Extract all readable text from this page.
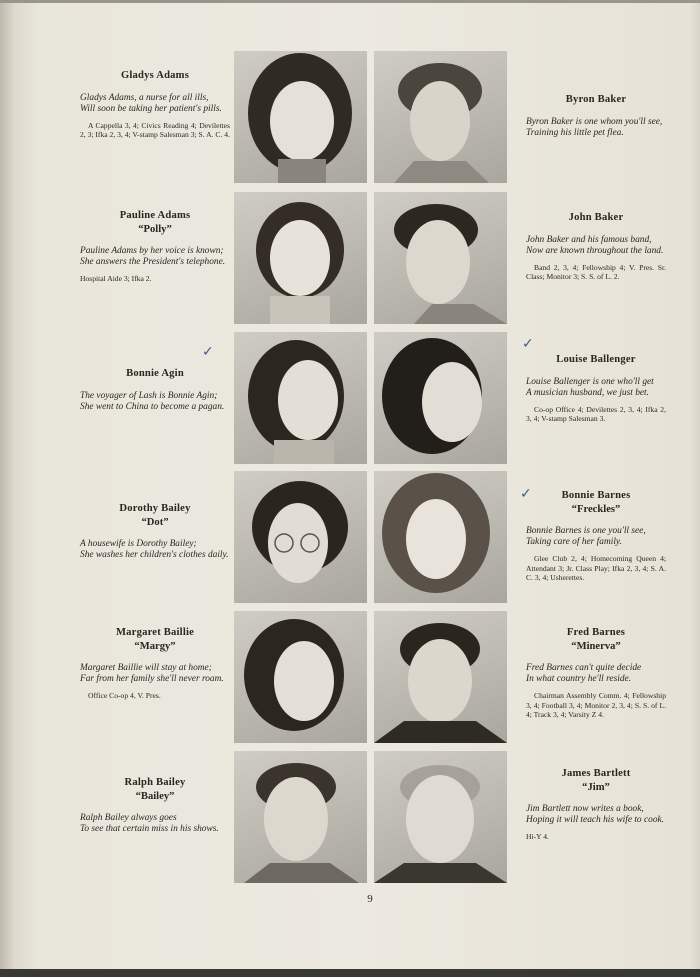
Gladys Adams
Gladys Adams, a nurse for all ills,
Will soon be taking her patient's pills.
A Cappella 3, 4; Civics Reading 4; Devilettes 2, 3; Ifka 2, 3, 4; V-stamp Salesman 3; S. A. C. 4.
Byron Baker
Byron Baker is one whom you'll see,
Training his little pet flea.
Pauline Adams
“Polly”
Pauline Adams by her voice is known;
She answers the President's telephone.
Hospital Aide 3; Ifka 2.
John Baker
John Baker and his famous band,
Now are known throughout the land.
Band 2, 3, 4; Fellowship 4; V. Pres. Sr. Class; Monitor 3; S. S. of L. 2.
✓
Bonnie Agin
The voyager of Lash is Bonnie Agin;
She went to China to become a pagan.
✓
Louise Ballenger
Louise Ballenger is one who'll get
A musician husband, we just bet.
Co-op Office 4; Devilettes 2, 3, 4; Ifka 2, 3, 4; V-stamp Salesman 3.
Dorothy Bailey
“Dot”
A housewife is Dorothy Bailey;
She washes her children's clothes daily.
✓	Bonnie Barnes
“Freckles”
Bonnie Barnes is one you'll see,
Taking care of her family.
Glee Club 2, 4; Homecoming Queen 4; Attendant 3; Jr. Class Play; Ifka 2, 3, 4; S. A. C. 3, 4; Usherettes.
Margaret Baillie
“Margy”
Margaret Baillie will stay at home;
Far from her family she'll never roam.
Office Co-op 4, V. Pres.
Fred Barnes
“Minerva”
Fred Barnes can't quite decide
In what country he'll reside.
Chairman Assembly Comm. 4; Fellowship 3, 4; Football 3, 4; Monitor 2, 3, 4; S. S. of L. 4; Track 3, 4; Varsity Z 4.
Ralph Bailey
“Bailey”
Ralph Bailey always goes
To see that certain miss in his shows.
James Bartlett
“Jim”
Jim Bartlett now writes a book,
Hoping it will teach his wife to cook.
Hi-Y 4.
9
